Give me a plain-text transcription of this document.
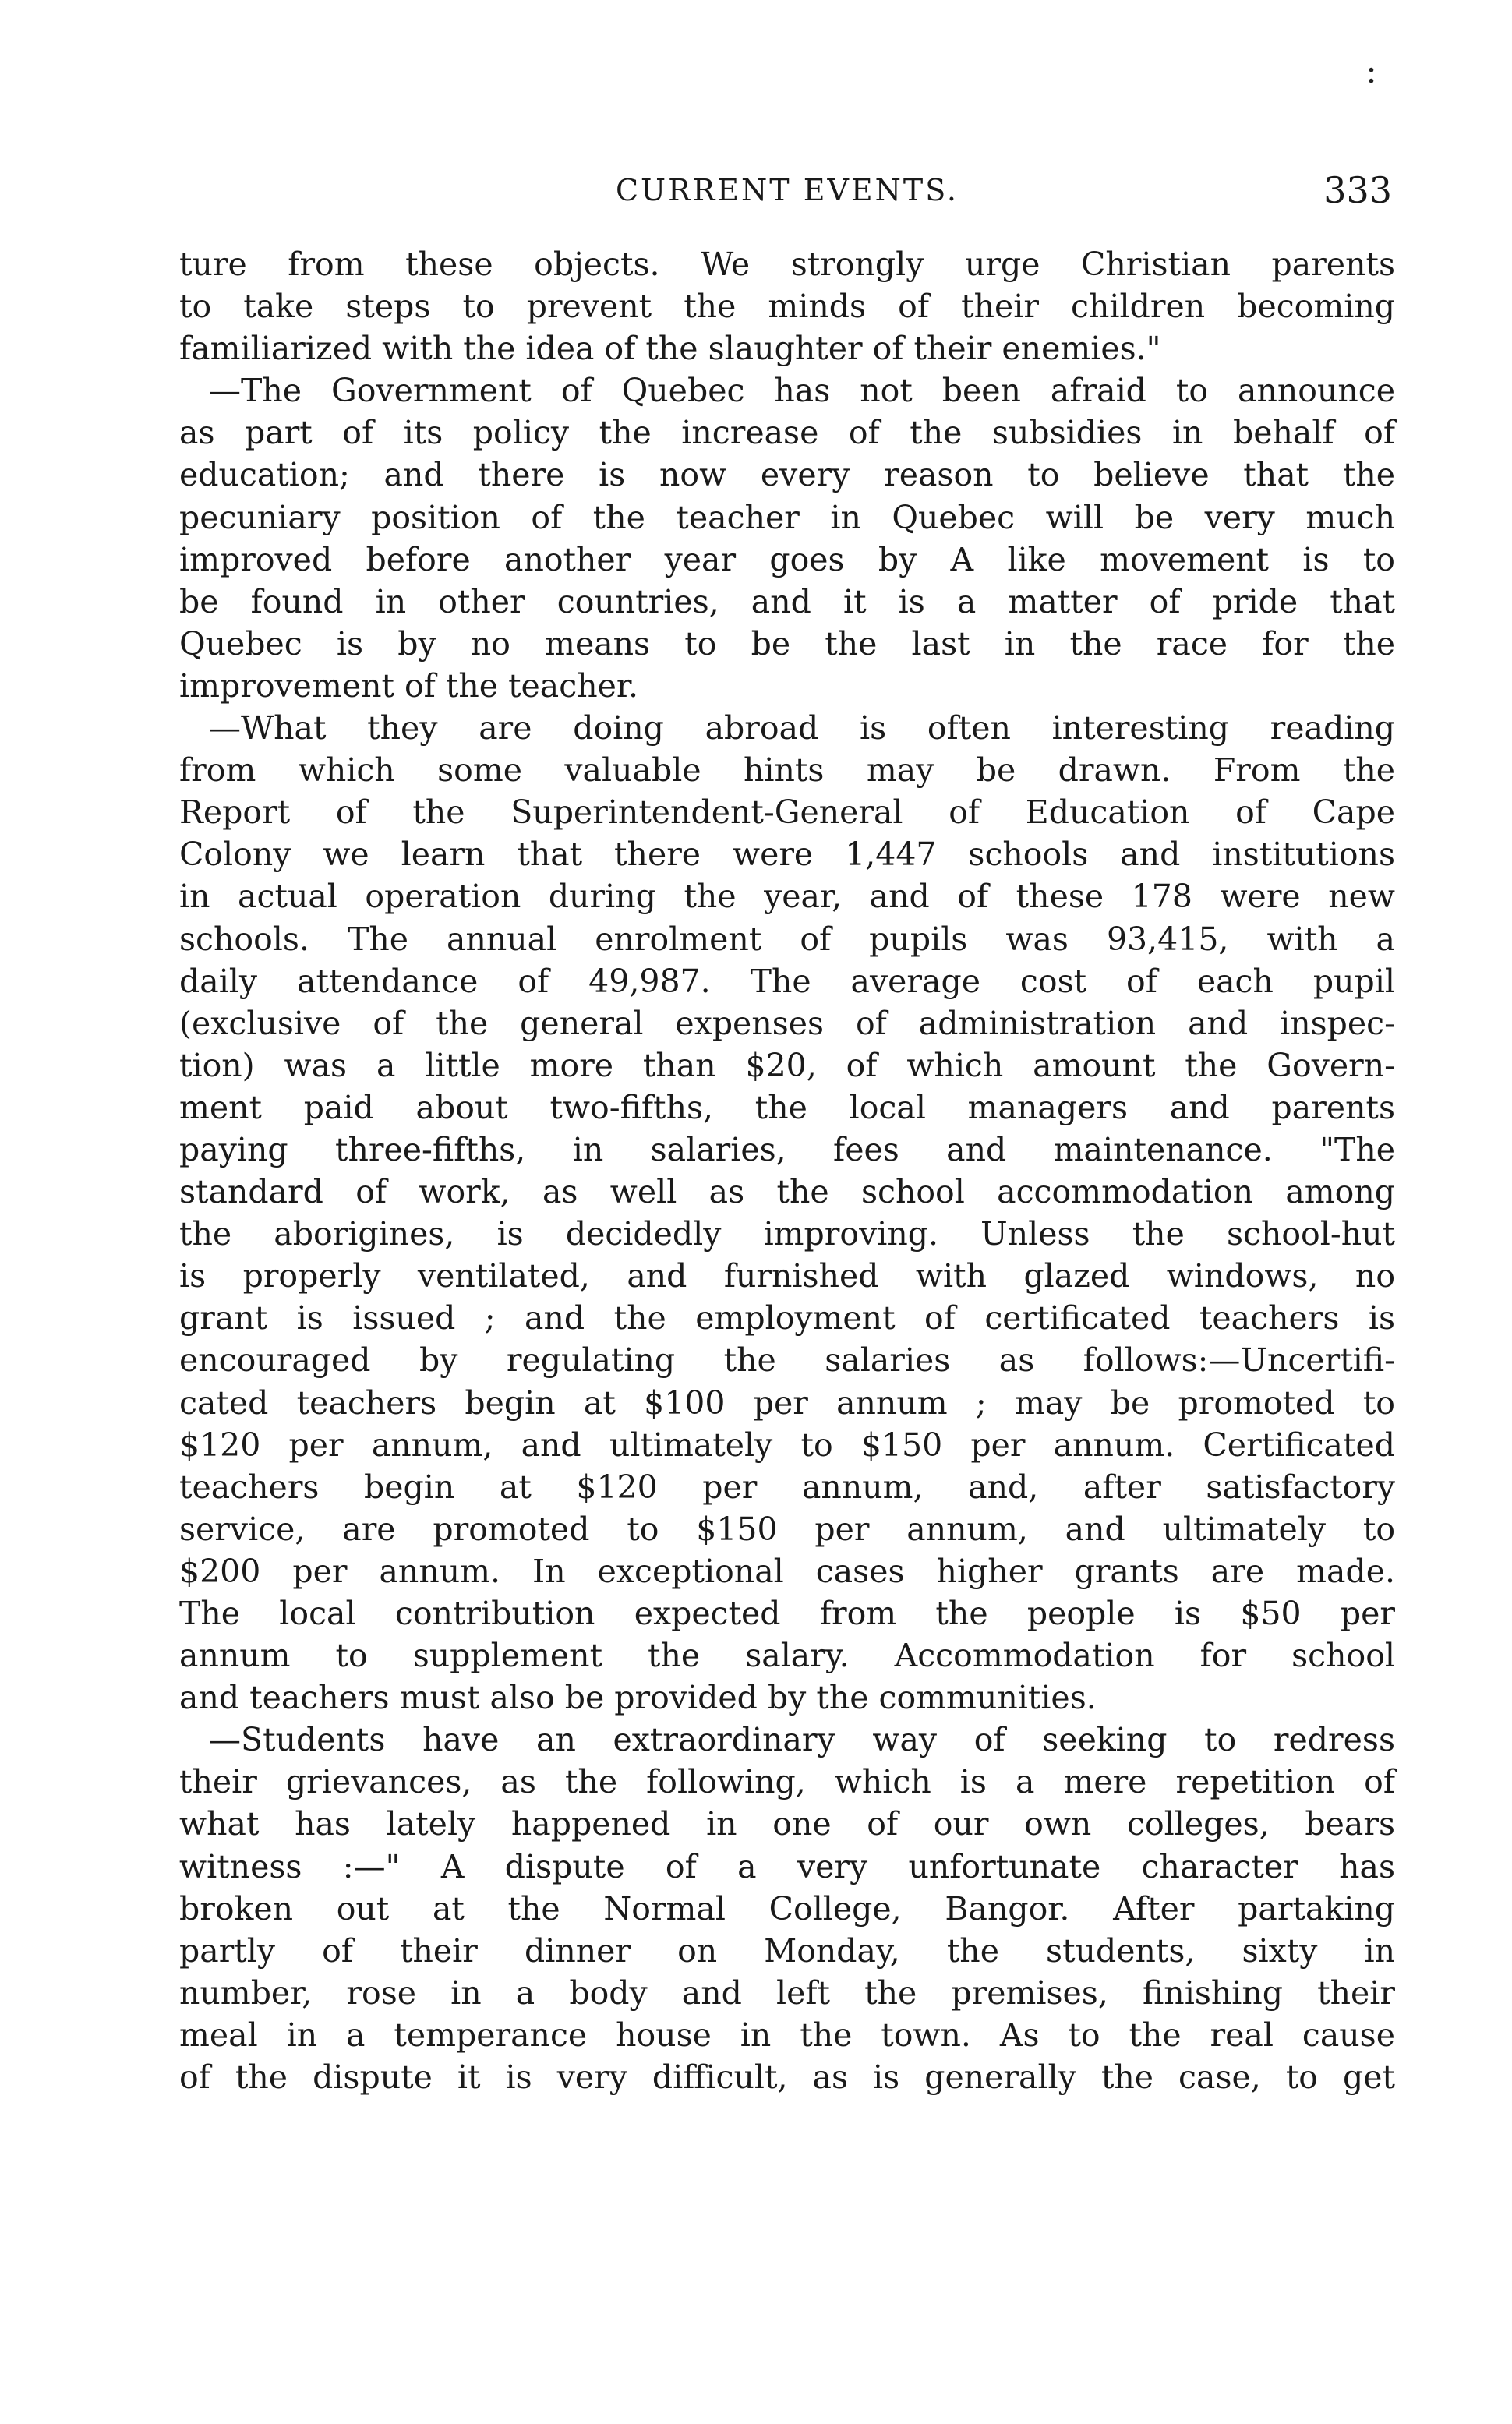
:
CURRENT EVENTS.	333
ture from these objects. We strongly urge Christian parents
to take steps to prevent the minds of their children becoming
familiarized with the idea of the slaughter of their enemies."
—The Government of Quebec has not been afraid to announce
as part of its policy the increase of the subsidies in behalf of
education; and there is now every reason to believe that the
pecuniary position of the teacher in Quebec will be very much
improved before another year goes by A like movement is to
be found in other countries, and it is a matter of pride that
Quebec is by no means to be the last in the race for the
improvement of the teacher.
—What they are doing abroad is often interesting reading
from which some valuable hints may be drawn. From the
Report of the Superintendent-General of Education of Cape
Colony we learn that there were 1,447 schools and institutions
in actual operation during the year, and of these 178 were new
schools. The annual enrolment of pupils was 93,415, with a
daily attendance of 49,987. The average cost of each pupil
(exclusive of the general expenses of administration and inspec-
tion) was a little more than $20, of which amount the Govern-
ment paid about two-fifths, the local managers and parents
paying three-fifths, in salaries, fees and maintenance. "The
standard of work, as well as the school accommodation among
the aborigines, is decidedly improving. Unless the school-hut
is properly ventilated, and furnished with glazed windows, no
grant is issued ; and the employment of certificated teachers is
encouraged by regulating the salaries as follows:—Uncertifi-
cated teachers begin at $100 per annum ; may be promoted to
$120 per annum, and ultimately to $150 per annum. Certificated
teachers begin at $120 per annum, and, after satisfactory
service, are promoted to $150 per annum, and ultimately to
$200 per annum. In exceptional cases higher grants are made.
The local contribution expected from the people is $50 per
annum to supplement the salary. Accommodation for school
and teachers must also be provided by the communities.
—Students have an extraordinary way of seeking to redress
their grievances, as the following, which is a mere repetition of
what has lately happened in one of our own colleges, bears
witness :—" A dispute of a very unfortunate character has
broken out at the Normal College, Bangor. After partaking
partly of their dinner on Monday, the students, sixty in
number, rose in a body and left the premises, finishing their
meal in a temperance house in the town. As to the real cause
of the dispute it is very difficult, as is generally the case, to get
